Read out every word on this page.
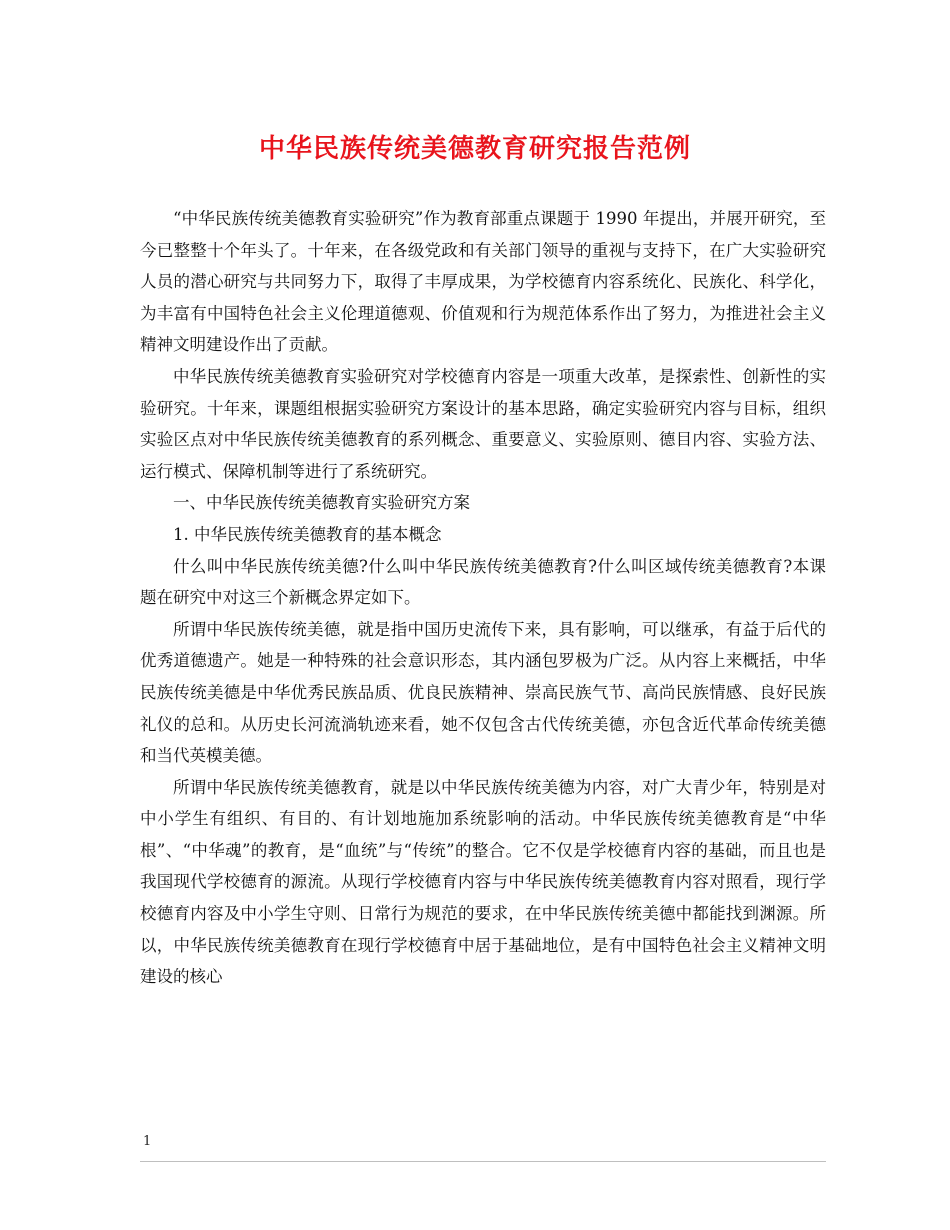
中华民族传统美德教育研究报告范例

“中华民族传统美德教育实验研究”作为教育部重点课题于 1990 年提出，并展开研究，至今已整整十个年头了。十年来，在各级党政和有关部门领导的重视与支持下，在广大实验研究人员的潜心研究与共同努力下，取得了丰厚成果，为学校德育内容系统化、民族化、科学化，为丰富有中国特色社会主义伦理道德观、价值观和行为规范体系作出了努力，为推进社会主义精神文明建设作出了贡献。

中华民族传统美德教育实验研究对学校德育内容是一项重大改革，是探索性、创新性的实验研究。十年来，课题组根据实验研究方案设计的基本思路，确定实验研究内容与目标，组织实验区点对中华民族传统美德教育的系列概念、重要意义、实验原则、德目内容、实验方法、运行模式、保障机制等进行了系统研究。

一、中华民族传统美德教育实验研究方案

1. 中华民族传统美德教育的基本概念

什么叫中华民族传统美德?什么叫中华民族传统美德教育?什么叫区域传统美德教育?本课题在研究中对这三个新概念界定如下。

所谓中华民族传统美德，就是指中国历史流传下来，具有影响，可以继承，有益于后代的优秀道德遗产。她是一种特殊的社会意识形态，其内涵包罗极为广泛。从内容上来概括，中华民族传统美德是中华优秀民族品质、优良民族精神、崇高民族气节、高尚民族情感、良好民族礼仪的总和。从历史长河流淌轨迹来看，她不仅包含古代传统美德，亦包含近代革命传统美德和当代英模美德。

所谓中华民族传统美德教育，就是以中华民族传统美德为内容，对广大青少年，特别是对中小学生有组织、有目的、有计划地施加系统影响的活动。中华民族传统美德教育是“中华根”、“中华魂”的教育，是“血统”与“传统”的整合。它不仅是学校德育内容的基础，而且也是我国现代学校德育的源流。从现行学校德育内容与中华民族传统美德教育内容对照看，现行学校德育内容及中小学生守则、日常行为规范的要求，在中华民族传统美德中都能找到渊源。所以，中华民族传统美德教育在现行学校德育中居于基础地位，是有中国特色社会主义精神文明建设的核心

1
